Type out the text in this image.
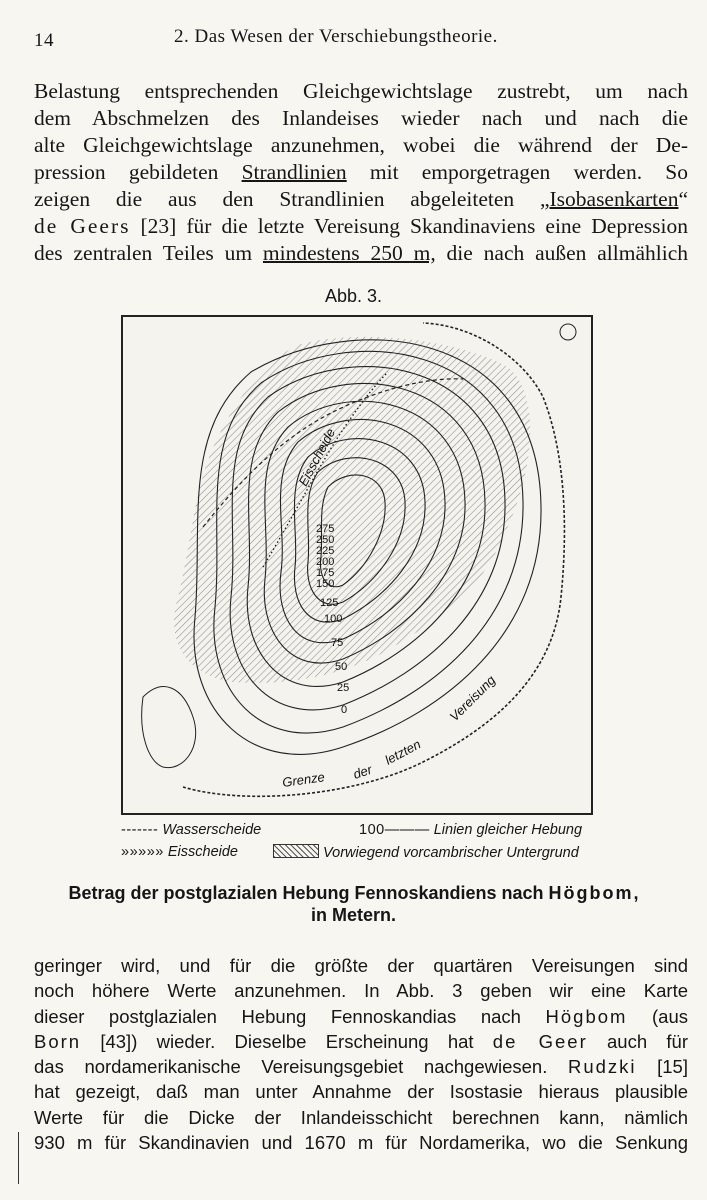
14	2. Das Wesen der Verschiebungstheorie.
Belastung entsprechenden Gleichgewichtslage zustrebt, um nach
dem Abschmelzen des Inlandeises wieder nach und nach die
alte Gleichgewichtslage anzunehmen, wobei die während der De-
pression gebildeten Strandlinien mit emporgetragen werden. So
zeigen die aus den Strandlinien abgeleiteten „Isobasenkarten“
de Geers [23] für die letzte Vereisung Skandinaviens eine Depression
des zentralen Teiles um mindestens 250 m, die nach außen allmählich
Abb. 3.
275
250
225
200
175
150
125
100
75
50
25
0
Eisscheide
Grenze der
letzten
Vereisung
------- Wasserscheide	100——— Linien gleicher Hebung
»»»»» Eisscheide	Vorwiegend vorcambrischer Untergrund
Betrag der postglazialen Hebung Fennoskandiens nach Högbom,
in Metern.
geringer wird, und für die größte der quartären Vereisungen sind
noch höhere Werte anzunehmen. In Abb. 3 geben wir eine Karte
dieser postglazialen Hebung Fennoskandias nach Högbom (aus
Born [43]) wieder. Dieselbe Erscheinung hat de Geer auch für
das nordamerikanische Vereisungsgebiet nachgewiesen. Rudzki [15]
hat gezeigt, daß man unter Annahme der Isostasie hieraus plausible
Werte für die Dicke der Inlandeisschicht berechnen kann, nämlich
930 m für Skandinavien und 1670 m für Nordamerika, wo die Senkung
